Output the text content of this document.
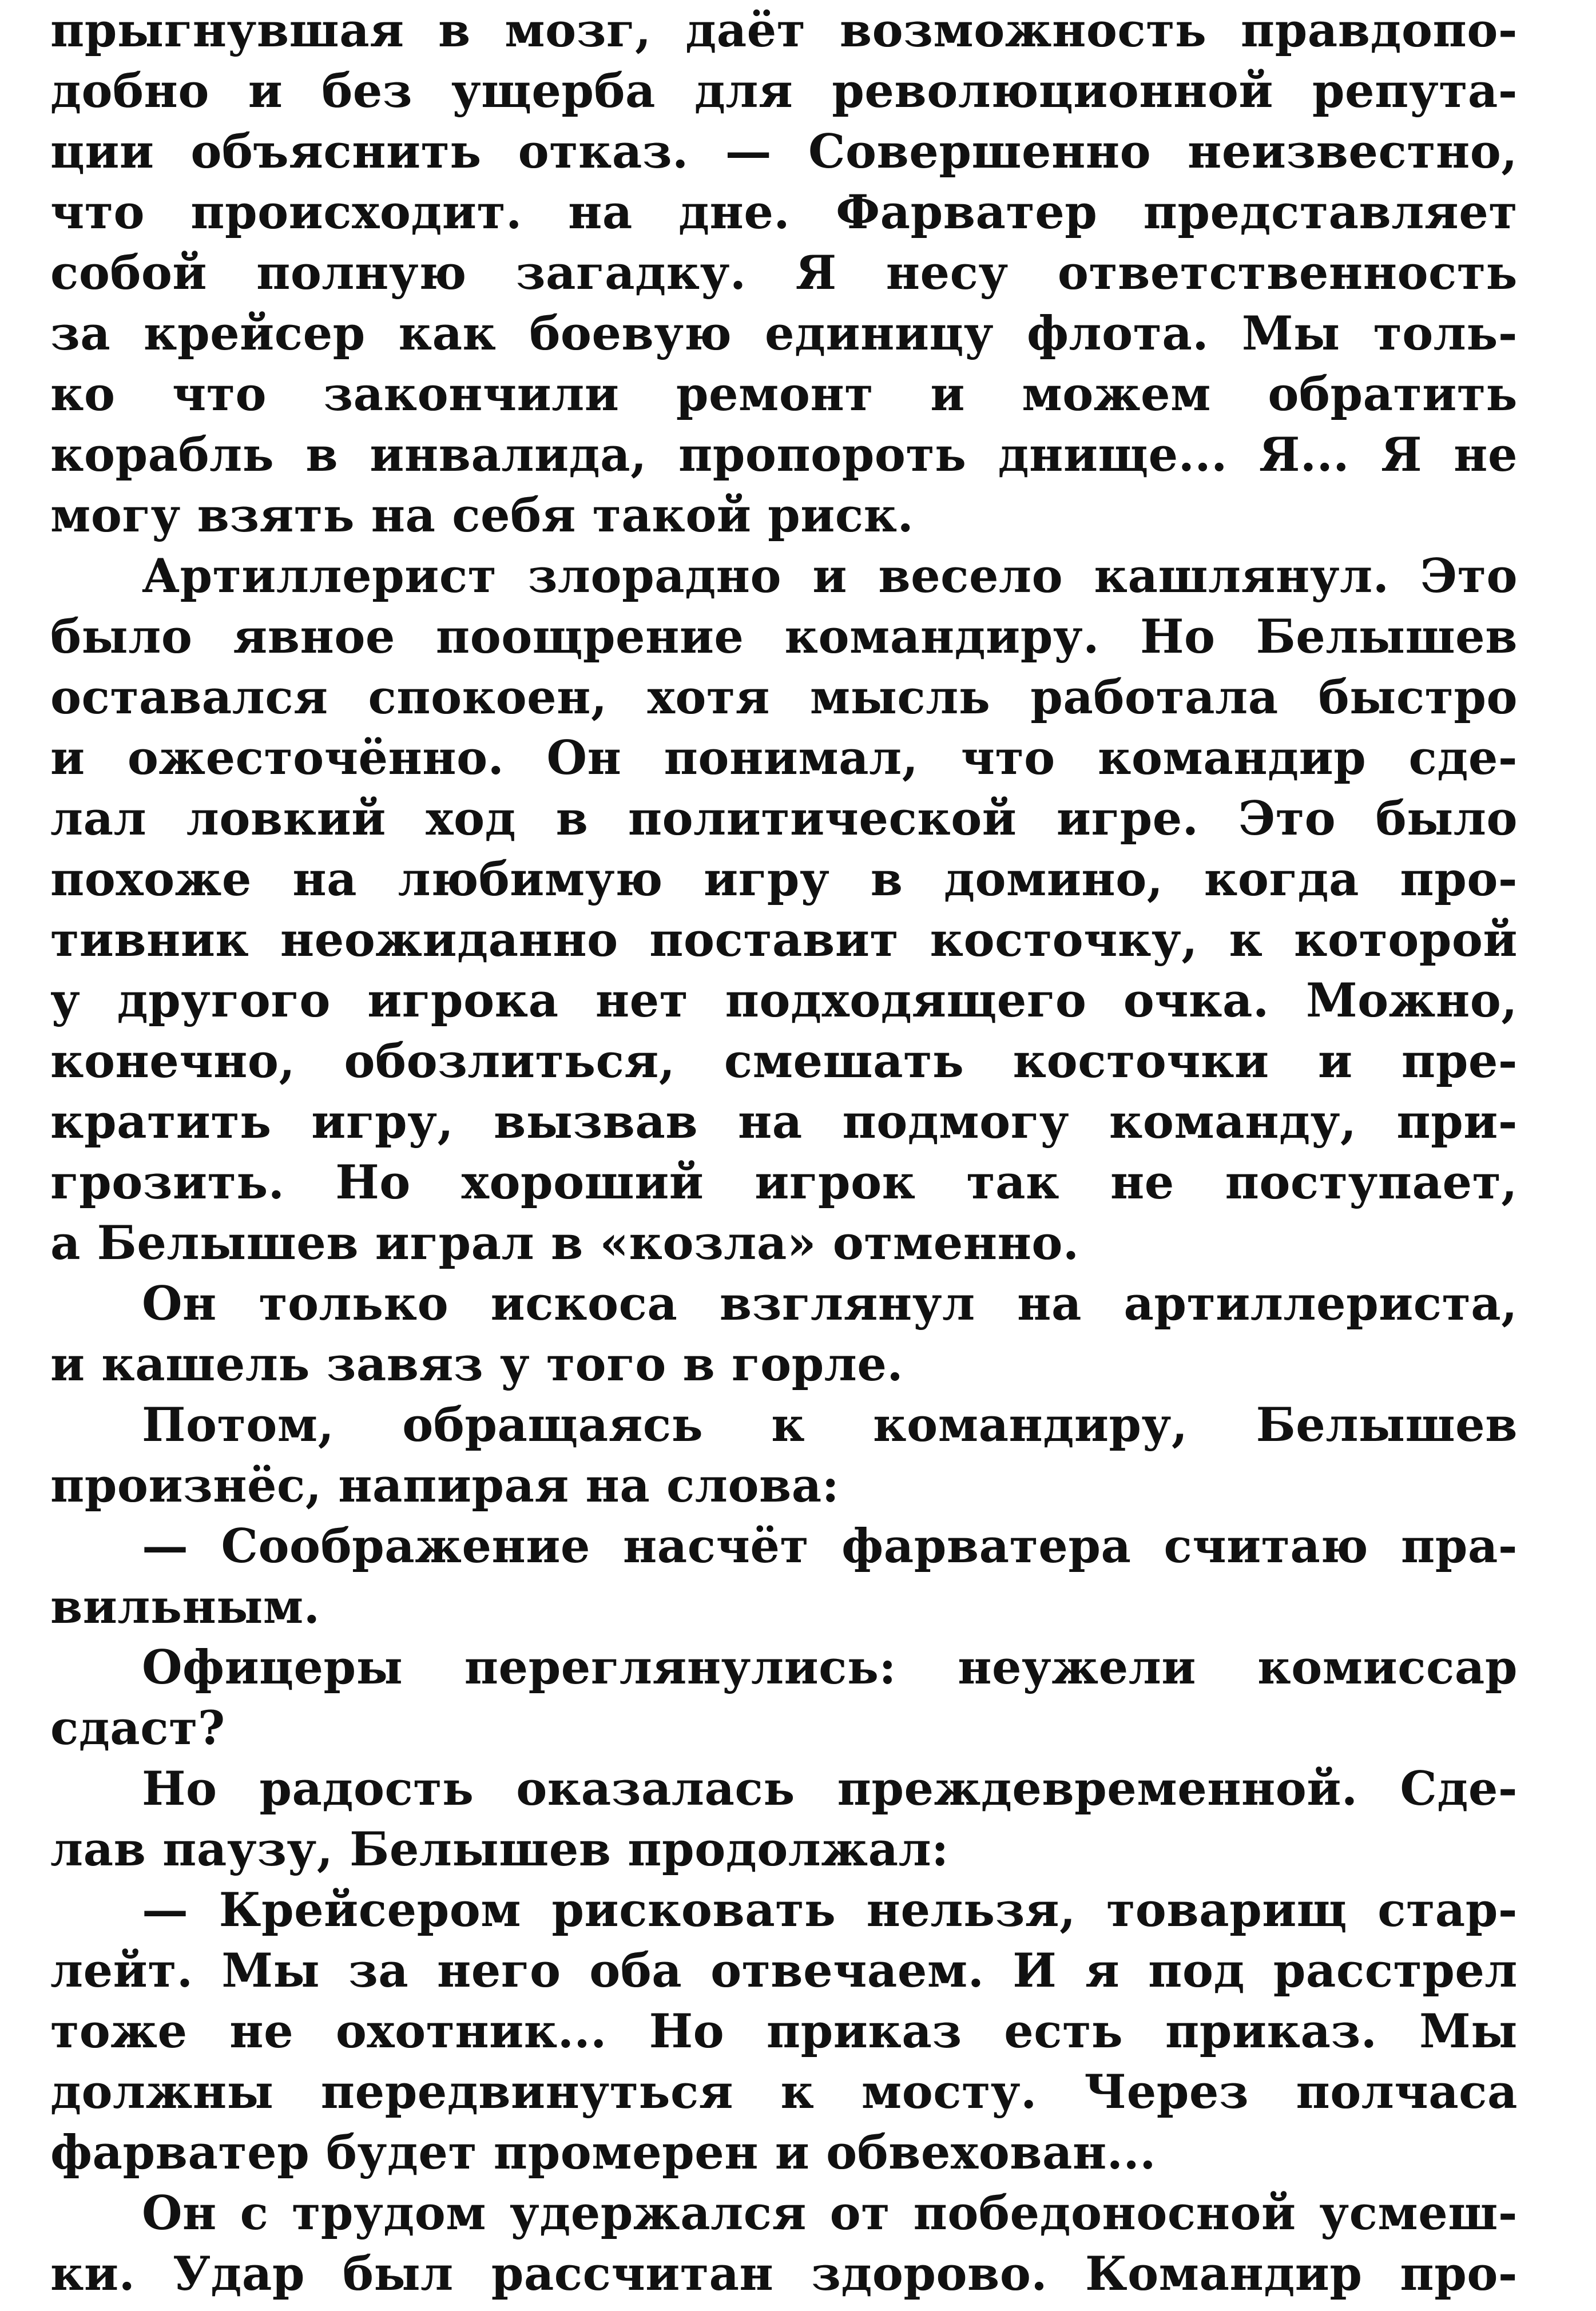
прыгнувшая в мозг, даёт возможность правдопо-
добно и без ущерба для революционной репута-
ции объяснить отказ. — Совершенно неизвестно,
что происходит. на дне. Фарватер представляет
собой полную загадку. Я несу ответственность
за крейсер как боевую единицу флота. Мы толь-
ко что закончили ремонт и можем обратить
корабль в инвалида, пропороть днище... Я... Я не
могу взять на себя такой риск.
Артиллерист злорадно и весело кашлянул. Это
было явное поощрение командиру. Но Белышев
оставался спокоен, хотя мысль работала быстро
и ожесточённо. Он понимал, что командир сде-
лал ловкий ход в политической игре. Это было
похоже на любимую игру в домино, когда про-
тивник неожиданно поставит косточку, к которой
у другого игрока нет подходящего очка. Можно,
конечно, обозлиться, смешать косточки и пре-
кратить игру, вызвав на подмогу команду, при-
грозить. Но хороший игрок так не поступает,
а Белышев играл в «козла» отменно.
Он только искоса взглянул на артиллериста,
и кашель завяз у того в горле.
Потом, обращаясь к командиру, Белышев
произнёс, напирая на слова:
— Соображение насчёт фарватера считаю пра-
вильным.
Офицеры переглянулись: неужели комиссар
сдаст?
Но радость оказалась преждевременной. Сде-
лав паузу, Белышев продолжал:
— Крейсером рисковать нельзя, товарищ стар-
лейт. Мы за него оба отвечаем. И я под расстрел
тоже не охотник... Но приказ есть приказ. Мы
должны передвинуться к мосту. Через полчаса
фарватер будет промерен и обвехован...
Он с трудом удержался от победоносной усмеш-
ки. Удар был рассчитан здорово. Командир про-
